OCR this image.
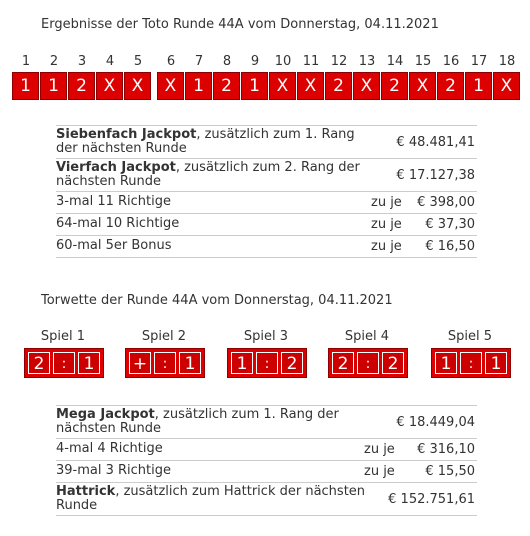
Ergebnisse der Toto Runde 44A vom Donnerstag, 04.11.2021
1	2	3	4	5	6	7	8	9	10 11 12 13 14 15 16 17 18
1	1	2 X X	X 1	2	1 X X 2 X 2 X 2	1 X
Siebenfach Jackpot, zusätzlich zum 1. Rang der nächsten Runde	€ 48.481,41
Vierfach Jackpot, zusätzlich zum 2. Rang der nächsten Runde	€ 17.127,38
3-mal 11 Richtige	zu je	€ 398,00
64-mal 10 Richtige	zu je	€ 37,30
60-mal 5er Bonus	zu je	€ 16,50
Torwette der Runde 44A vom Donnerstag, 04.11.2021
Spiel 1
2	:	1
Spiel 2
+	:	1
Spiel 3
1	:	2
Spiel 4
2	:	2
Spiel 5
1	:	1
Mega Jackpot, zusätzlich zum 1. Rang der nächsten Runde	€ 18.449,04
4-mal 4 Richtige	zu je	€ 316,10
39-mal 3 Richtige	zu je	€ 15,50
Hattrick, zusätzlich zum Hattrick der nächsten Runde	€ 152.751,61
